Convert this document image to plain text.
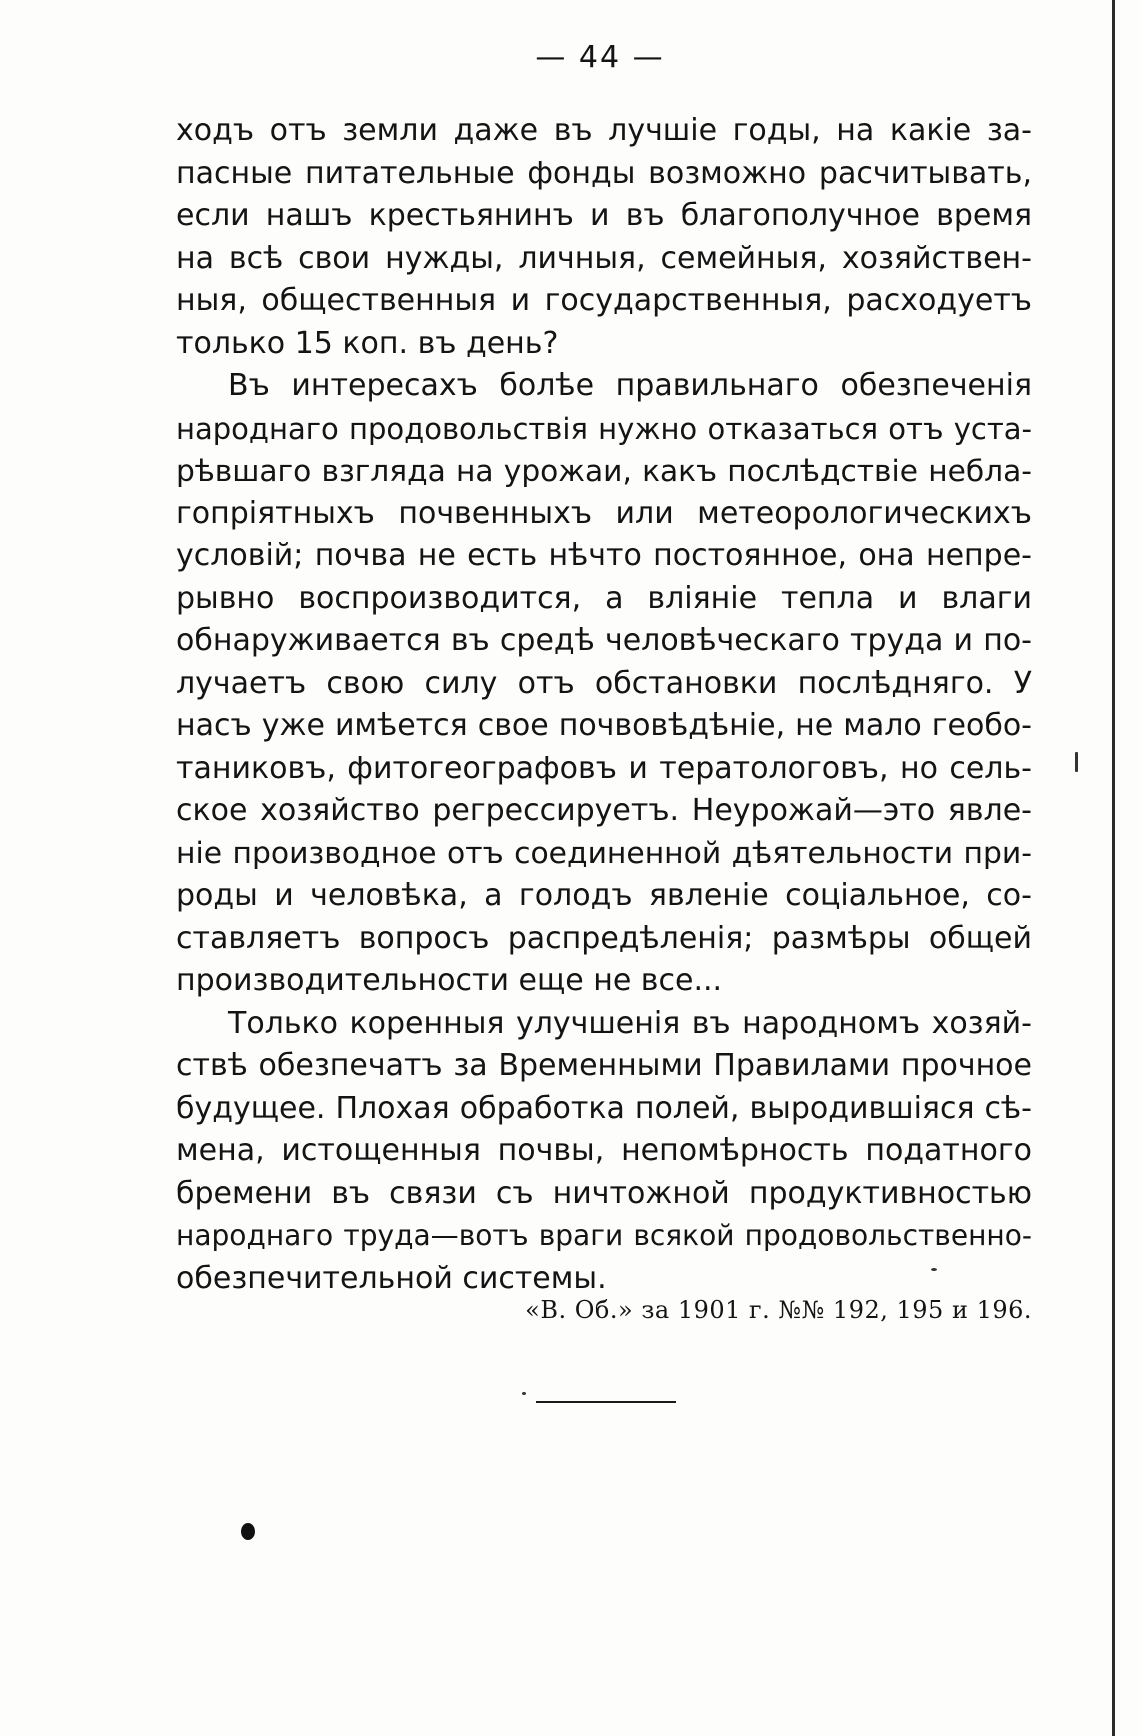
— 44 —
ходъ отъ земли даже въ лучшіе годы, на какіе за-
пасные питательные фонды возможно расчитывать,
если нашъ крестьянинъ и въ благополучное время
на всѣ свои нужды, личныя, семейныя, хозяйствен-
ныя, общественныя и государственныя, расходуетъ
только 15 коп. въ день?
Въ интересахъ болѣе правильнаго обезпеченія
народнаго продовольствія нужно отказаться отъ уста-
рѣвшаго взгляда на урожаи, какъ послѣдствіе небла-
гопріятныхъ почвенныхъ или метеорологическихъ
условій; почва не есть нѣчто постоянное, она непре-
рывно воспроизводится, а вліяніе тепла и влаги
обнаруживается въ средѣ человѣческаго труда и по-
лучаетъ свою силу отъ обстановки послѣдняго. У
насъ уже имѣется свое почвовѣдѣніе, не мало геобо-
таниковъ, фитогеографовъ и тератологовъ, но сель-
ское хозяйство регрессируетъ. Неурожай—это явле-
ніе производное отъ соединенной дѣятельности при-
роды и человѣка, а голодъ явленіе соціальное, со-
ставляетъ вопросъ распредѣленія; размѣры общей
производительности еще не все...
Только коренныя улучшенія въ народномъ хозяй-
ствѣ обезпечатъ за Временными Правилами прочное
будущее. Плохая обработка полей, выродившіяся сѣ-
мена, истощенныя почвы, непомѣрность податного
бремени въ связи съ ничтожной продуктивностью
народнаго труда—вотъ враги всякой продовольственно-
обезпечительной системы.
«В. Об.» за 1901 г. №№ 192, 195 и 196.
